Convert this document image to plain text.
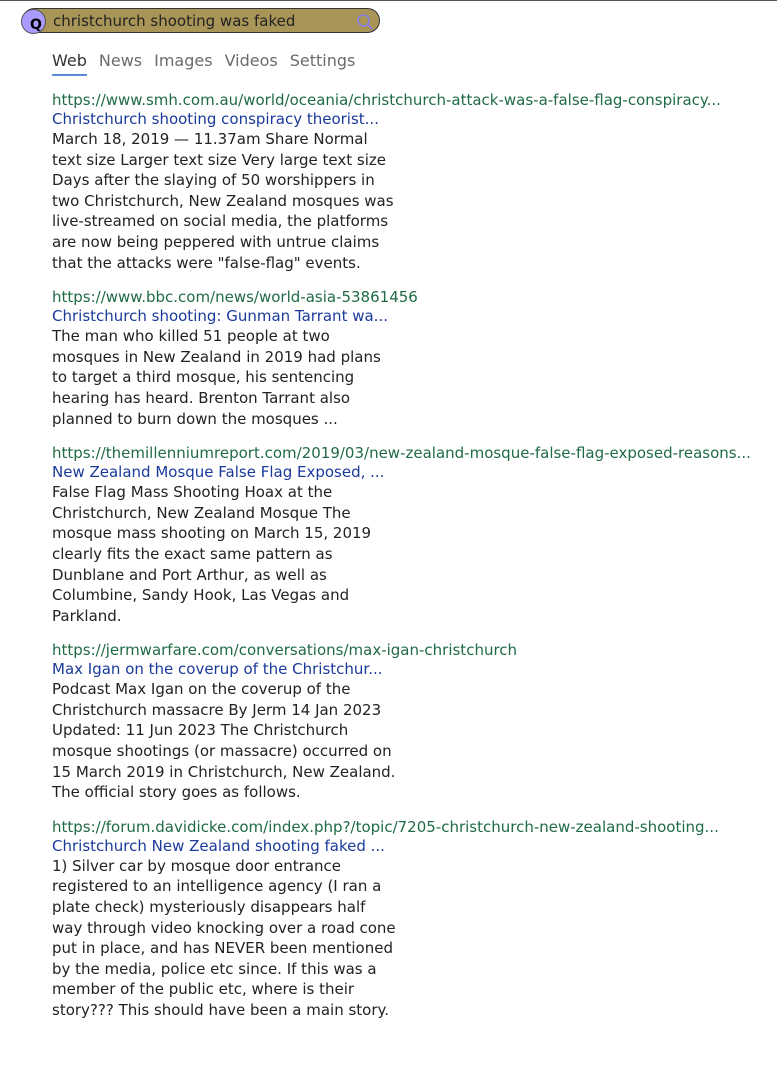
christchurch shooting was faked
Q
Web News Images Videos Settings
https://www.smh.com.au/world/oceania/christchurch-attack-was-a-false-flag-conspiracy...
Christchurch shooting conspiracy theorist...
March 18, 2019 — 11.37am Share Normal text size Larger text size Very large text size Days after the slaying of 50 worshippers in two Christchurch, New Zealand mosques was live-streamed on social media, the platforms are now being peppered with untrue claims that the attacks were "false-flag" events.
https://www.bbc.com/news/world-asia-53861456
Christchurch shooting: Gunman Tarrant wa...
The man who killed 51 people at two mosques in New Zealand in 2019 had plans to target a third mosque, his sentencing hearing has heard. Brenton Tarrant also planned to burn down the mosques ...
https://themillenniumreport.com/2019/03/new-zealand-mosque-false-flag-exposed-reasons...
New Zealand Mosque False Flag Exposed, ...
False Flag Mass Shooting Hoax at the Christchurch, New Zealand Mosque The mosque mass shooting on March 15, 2019 clearly fits the exact same pattern as Dunblane and Port Arthur, as well as Columbine, Sandy Hook, Las Vegas and Parkland.
https://jermwarfare.com/conversations/max-igan-christchurch
Max Igan on the coverup of the Christchur...
Podcast Max Igan on the coverup of the Christchurch massacre By Jerm 14 Jan 2023 Updated: 11 Jun 2023 The Christchurch mosque shootings (or massacre) occurred on 15 March 2019 in Christchurch, New Zealand. The official story goes as follows.
https://forum.davidicke.com/index.php?/topic/7205-christchurch-new-zealand-shooting...
Christchurch New Zealand shooting faked ...
1) Silver car by mosque door entrance registered to an intelligence agency (I ran a plate check) mysteriously disappears half way through video knocking over a road cone put in place, and has NEVER been mentioned by the media, police etc since. If this was a member of the public etc, where is their story??? This should have been a main story.
